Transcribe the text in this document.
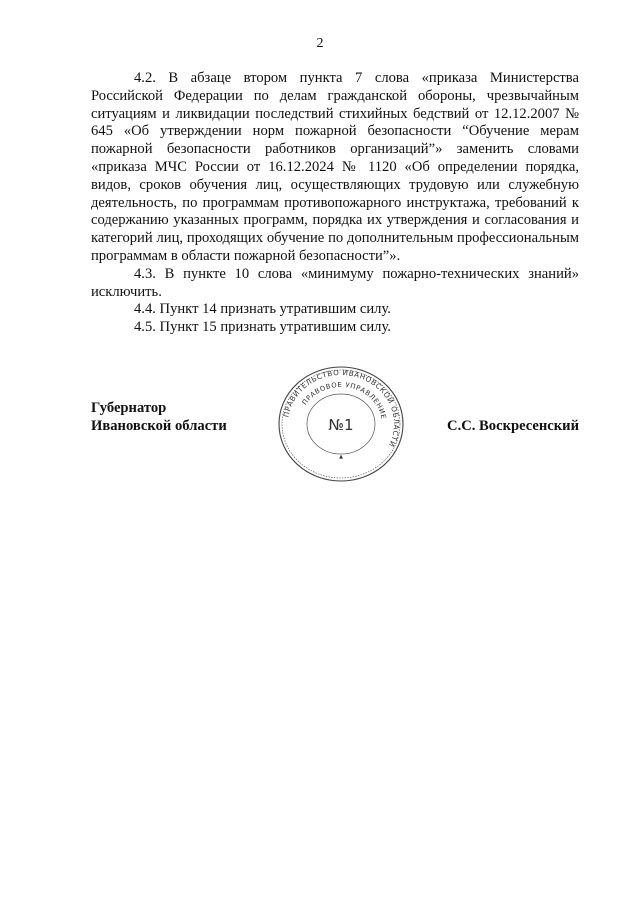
2

4.2. В абзаце втором пункта 7 слова «приказа Министерства Российской Федерации по делам гражданской обороны, чрезвычайным ситуациям и ликвидации последствий стихийных бедствий от 12.12.2007 № 645 «Об утверждении норм пожарной безопасности “Обучение мерам пожарной безопасности работников организаций”» заменить словами «приказа МЧС России от 16.12.2024 № 1120 «Об определении порядка, видов, сроков обучения лиц, осуществляющих трудовую или служебную деятельность, по программам противопожарного инструктажа, требований к содержанию указанных программ, порядка их утверждения и согласования и категорий лиц, проходящих обучение по дополнительным профессиональным программам в области пожарной безопасности”».

4.3. В пункте 10 слова «минимуму пожарно-технических знаний» исключить.

4.4. Пункт 14 признать утратившим силу.

4.5. Пункт 15 признать утратившим силу.

Губернатор
Ивановской области	С.С. Воскресенский
ПРАВИТЕЛЬСТВО ИВАНОВСКОЙ ОБЛАСТИ
ПРАВОВОЕ УПРАВЛЕНИЕ
№1
▲
